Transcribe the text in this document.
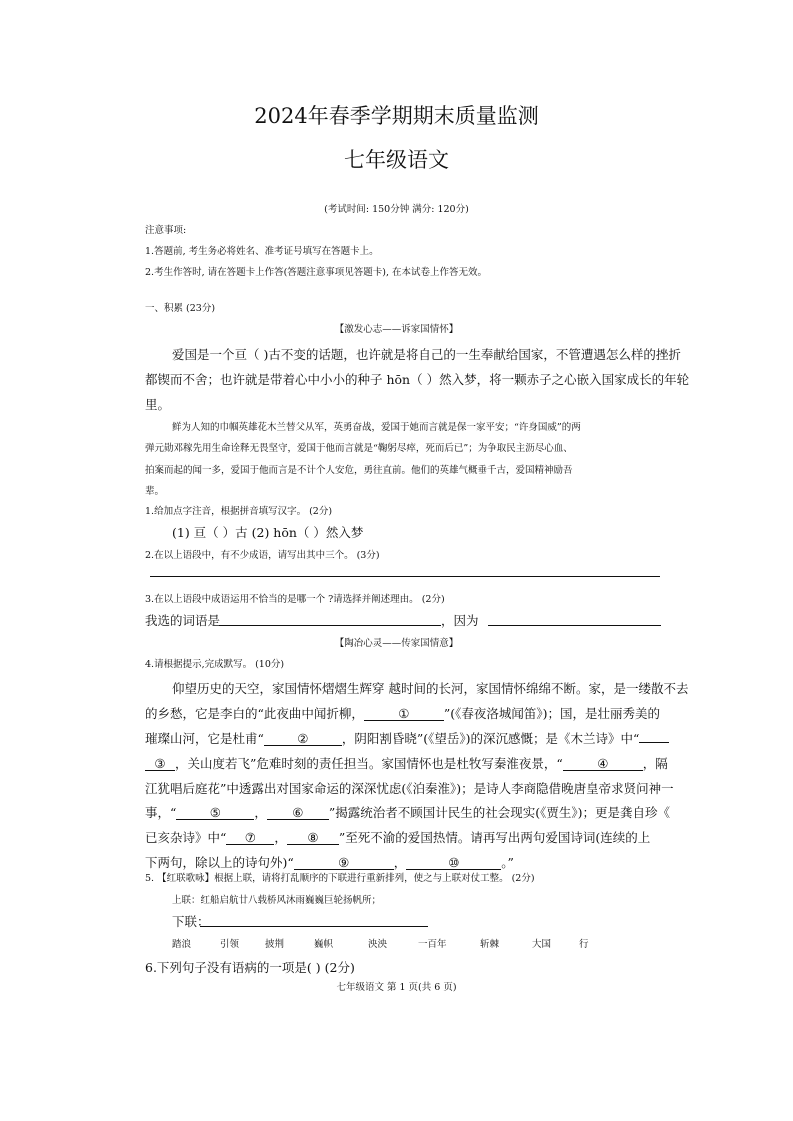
2024年春季学期期末质量监测
七年级语文
(考试时间: 150分钟 满分: 120分)
注意事项:
1.答题前, 考生务必将姓名、准考证号填写在答题卡上。
2.考生作答时, 请在答题卡上作答(答题注意事项见答题卡), 在本试卷上作答无效。
一、积累 (23分)
【激发心志——诉家国情怀】
爱国是一个亘（ )古不变的话题，也许就是将自己的一生奉献给国家，不管遭遇怎么样的挫折
都锲而不舍；也许就是带着心中小小的种子 hōn（ ）然入梦，将一颗赤子之心嵌入国家成长的年轮
里。
鲜为人知的巾帼英雄花木兰替父从军，英勇奋战，爱国于她而言就是保一家平安；“许身国威”的两
弹元勋邓稼先用生命诠释无畏坚守，爱国于他而言就是“鞠躬尽瘁，死而后已”；为争取民主沥尽心血、
拍案而起的闻一多，爱国于他而言是不计个人安危，勇往直前。他们的英雄气概垂千古，爱国精神励吾
辈。
1.给加点字注音，根据拼音填写汉字。 (2分)
(1) 亘（ ）古 (2) hōn（ ）然入梦
2.在以上语段中，有不少成语，请写出其中三个。 (3分)
3.在以上语段中成语运用不恰当的是哪一个 ?请选择并阐述理由。 (2分)
我选的词语是	，因为
【陶冶心灵——传家国情意】
4.请根据提示,完成默写。 (10分)
仰望历史的天空，家国情怀熠熠生辉穿 越时间的长河，家国情怀绵绵不断。家，是一缕散不去
的乡愁，它是李白的“此夜曲中闻折柳，	①	”(《春夜洛城闻笛》)；国，是壮丽秀美的
璀璨山河，它是杜甫“	②	，阴阳割昏晓”(《望岳》)的深沉感慨；是《木兰诗》中“
③ ，关山度若飞”危难时刻的责任担当。家国情怀也是杜牧写秦淮夜景，“	④	，隔
江犹唱后庭花”中透露出对国家命运的深深忧虑(《泊秦淮》)；是诗人李商隐借晚唐皇帝求贤问神一
事，“	⑤	， ⑥ ”揭露统治者不顾国计民生的社会现实(《贾生》)；更是龚自珍《
已亥杂诗》中“ ⑦ ， ⑧ ”至死不渝的爱国热情。请再写出两句爱国诗词(连续的上
下两句，除以上的诗句外)“	⑨	，	⑩	。”
5. 【红联歌咏】根据上联，请将打乱顺序的下联进行重新排列，使之与上联对仗工整。 (2分)
上联：红船启航廿八载桥风沐雨巍巍巨轮扬帆所；
下联：
踏浪	引领	披荆	巍帜	泱泱	一百年	斩棘	大国	行
6.下列句子没有语病的一项是( ) (2分)
七年级语文 第 1 页(共 6 页)
